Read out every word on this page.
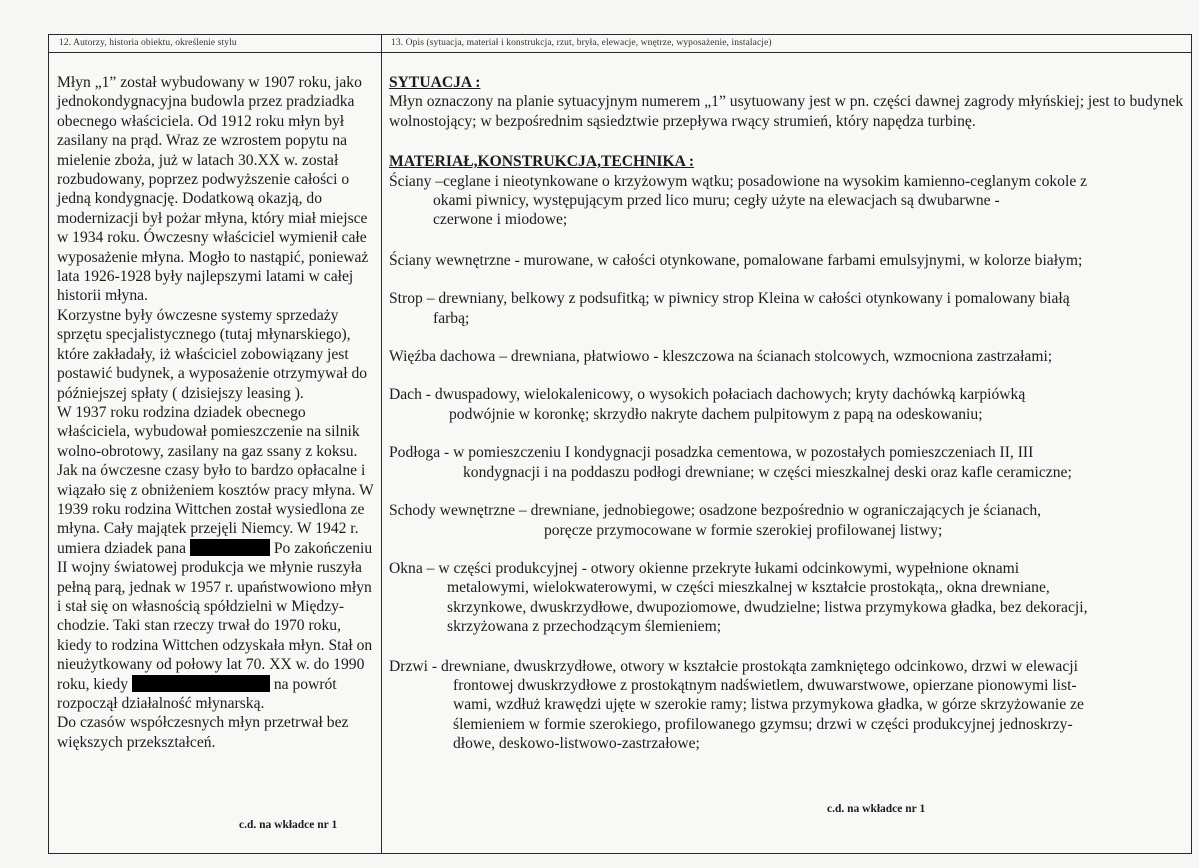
12. Autorzy, historia obiektu, określenie stylu	13. Opis (sytuacja, materiał i konstrukcja, rzut, bryła, elewacje, wnętrze, wyposażenie, instalacje)

Młyn „1” został wybudowany w 1907 roku, jako jednokondygnacyjna budowla przez pradziadka obecnego właściciela. Od 1912 roku młyn był zasilany na prąd. Wraz ze wzrostem popytu na mielenie zboża, już w latach 30.XX w. został rozbudowany, poprzez podwyższenie całości o jedną kondygnację. Dodatkową okazją, do modernizacji był pożar młyna, który miał miejsce w 1934 roku. Ówczesny właściciel wymienił całe wyposażenie młyna. Mogło to nastąpić, ponieważ lata 1926-1928 były najlepszymi latami w całej historii młyna.

Korzystne były ówczesne systemy sprzedaży sprzętu specjalistycznego (tutaj młynarskiego), które zakładały, iż właściciel zobowiązany jest postawić budynek, a wyposażenie otrzymywał do późniejszej spłaty ( dzisiejszy leasing ).

W 1937 roku rodzina dziadek obecnego właściciela, wybudował pomieszczenie na silnik wolno-obrotowy, zasilany na gaz ssany z koksu. Jak na ówczesne czasy było to bardzo opłacalne i wiązało się z obniżeniem kosztów pracy młyna. W 1939 roku rodzina Wittchen został wysiedlona ze młyna. Cały majątek przejęli Niemcy. W 1942 r. umiera dziadek pana	Po zakończeniu II wojny światowej produkcja we młynie ruszyła pełną parą, jednak w 1957 r. upaństwowiono młyn i stał się on własnością spółdzielni w Między-chodzie. Taki stan rzeczy trwał do 1970 roku, kiedy to rodzina Wittchen odzyskała młyn. Stał on nieużytkowany od połowy lat 70. XX w. do 1990 roku, kiedy	na powrót rozpoczął działalność młynarską.

Do czasów współczesnych młyn przetrwał bez większych przekształceń.

c.d. na wkładce nr 1

SYTUACJA :

Młyn oznaczony na planie sytuacyjnym numerem „1” usytuowany jest w pn. części dawnej zagrody młyńskiej; jest to budynek wolnostojący; w bezpośrednim sąsiedztwie przepływa rwący strumień, który napędza turbinę.

MATERIAŁ,KONSTRUKCJA,TECHNIKA :

Ściany –ceglane i nieotynkowane o krzyżowym wątku; posadowione na wysokim kamienno-ceglanym cokole z
okami piwnicy, występującym przed lico muru; cegły użyte na elewacjach są dwubarwne -
czerwone i miodowe;
Ściany wewnętrzne - murowane, w całości otynkowane, pomalowane farbami emulsyjnymi, w kolorze białym;
Strop – drewniany, belkowy z podsufitką; w piwnicy strop Kleina w całości otynkowany i pomalowany białą
farbą;
Więźba dachowa – drewniana, płatwiowo - kleszczowa na ścianach stolcowych, wzmocniona zastrzałami;
Dach - dwuspadowy, wielokalenicowy, o wysokich połaciach dachowych; kryty dachówką karpiówką
podwójnie w koronkę; skrzydło nakryte dachem pulpitowym z papą na odeskowaniu;
Podłoga - w pomieszczeniu I kondygnacji posadzka cementowa, w pozostałych pomieszczeniach II, III
kondygnacji i na poddaszu podłogi drewniane; w części mieszkalnej deski oraz kafle ceramiczne;
Schody wewnętrzne – drewniane, jednobiegowe; osadzone bezpośrednio w ograniczających je ścianach,
poręcze przymocowane w formie szerokiej profilowanej listwy;
Okna – w części produkcyjnej - otwory okienne przekryte łukami odcinkowymi, wypełnione oknami
metalowymi, wielokwaterowymi, w części mieszkalnej w kształcie prostokąta,, okna drewniane,
skrzynkowe, dwuskrzydłowe, dwupoziomowe, dwudzielne; listwa przymykowa gładka, bez dekoracji,
skrzyżowana z przechodzącym ślemieniem;
Drzwi - drewniane, dwuskrzydłowe, otwory w kształcie prostokąta zamkniętego odcinkowo, drzwi w elewacji
frontowej dwuskrzydłowe z prostokątnym nadświetlem, dwuwarstwowe, opierzane pionowymi list-
wami, wzdłuż krawędzi ujęte w szerokie ramy; listwa przymykowa gładka, w górze skrzyżowanie ze
ślemieniem w formie szerokiego, profilowanego gzymsu; drzwi w części produkcyjnej jednoskrzy-
dłowe, deskowo-listwowo-zastrzałowe;
c.d. na wkładce nr 1
